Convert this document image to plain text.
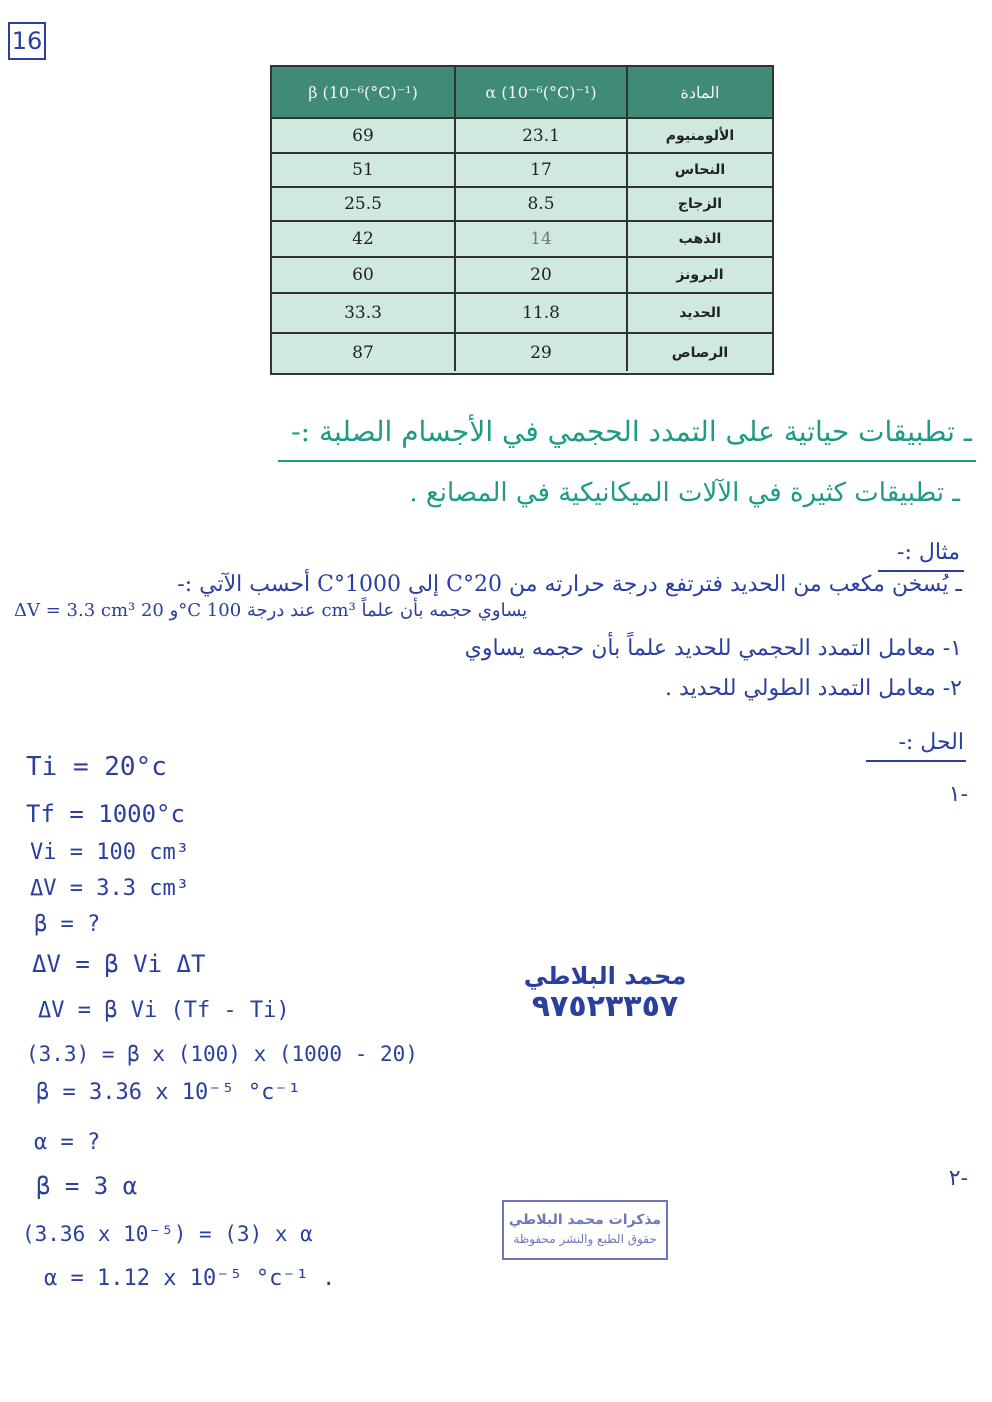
16
β (10⁻⁶(°C)⁻¹)	α (10⁻⁶(°C)⁻¹)	المادة
69	23.1	الألومنيوم
51	17	النحاس
25.5	8.5	الزجاج
42	14	الذهب
60	20	البرونز
33.3	11.8	الحديد
87	29	الرصاص
ـ تطبيقات حياتية على التمدد الحجمي في الأجسام الصلبة :-
ـ تطبيقات كثيرة في الآلات الميكانيكية في المصانع .
مثال :-
ـ يُسخن مكعب من الحديد فترتفع درجة حرارته من 20°C إلى 1000°C أحسب الآتي :-
ΔV = 3.3 cm³ و 20°C عند درجة 100 cm³ يساوي حجمه بأن علماً
١- معامل التمدد الحجمي للحديد علماً بأن حجمه يساوي
٢- معامل التمدد الطولي للحديد .
الحل :-
-١
-٢
Ti = 20°c
Tf = 1000°c
Vi = 100 cm³
ΔV = 3.3 cm³
β = ?
ΔV = β Vi ΔT
ΔV = β Vi (Tf - Ti)
(3.3) = β x (100) x (1000 - 20)
β = 3.36 x 10⁻⁵ °c⁻¹
α = ?
β = 3 α
(3.36 x 10⁻⁵) = (3) x α
α = 1.12 x 10⁻⁵ °c⁻¹ .
محمد البلاطي
٩٧٥٢٣٣٥٧
مذكرات محمد البلاطي
حقوق الطبع والنشر محفوظة
